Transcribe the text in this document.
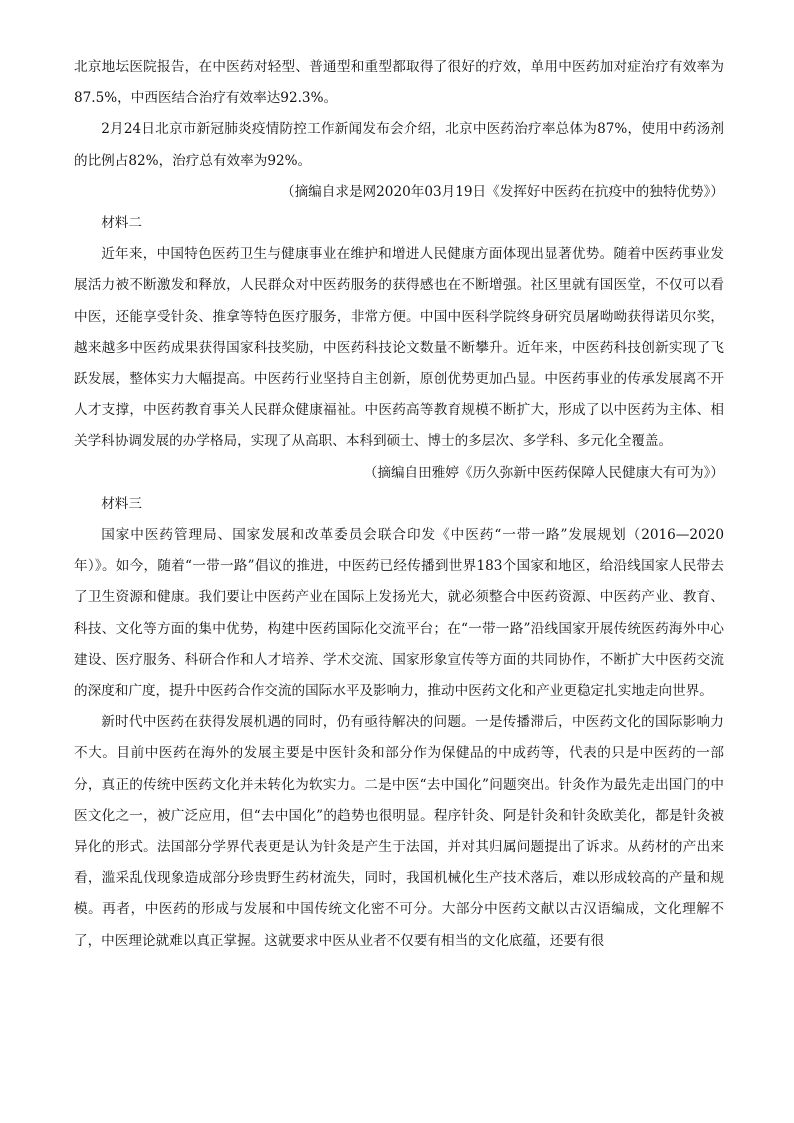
北京地坛医院报告，在中医药对轻型、普通型和重型都取得了很好的疗效，单用中医药加对症治疗有效率为87.5%，中西医结合治疗有效率达92.3%。

2月24日北京市新冠肺炎疫情防控工作新闻发布会介绍，北京中医药治疗率总体为87%，使用中药汤剂的比例占82%，治疗总有效率为92%。

（摘编自求是网2020年03月19日《发挥好中医药在抗疫中的独特优势》）

材料二

近年来，中国特色医药卫生与健康事业在维护和增进人民健康方面体现出显著优势。随着中医药事业发展活力被不断激发和释放，人民群众对中医药服务的获得感也在不断增强。社区里就有国医堂，不仅可以看中医，还能享受针灸、推拿等特色医疗服务，非常方便。中国中医科学院终身研究员屠呦呦获得诺贝尔奖，越来越多中医药成果获得国家科技奖励，中医药科技论文数量不断攀升。近年来，中医药科技创新实现了飞跃发展，整体实力大幅提高。中医药行业坚持自主创新，原创优势更加凸显。中医药事业的传承发展离不开人才支撑，中医药教育事关人民群众健康福祉。中医药高等教育规模不断扩大，形成了以中医药为主体、相关学科协调发展的办学格局，实现了从高职、本科到硕士、博士的多层次、多学科、多元化全覆盖。

（摘编自田雅婷《历久弥新中医药保障人民健康大有可为》）

材料三

国家中医药管理局、国家发展和改革委员会联合印发《中医药“一带一路”发展规划（2016—2020年）》。如今，随着“一带一路”倡议的推进，中医药已经传播到世界183个国家和地区，给沿线国家人民带去了卫生资源和健康。我们要让中医药产业在国际上发扬光大，就必须整合中医药资源、中医药产业、教育、科技、文化等方面的集中优势，构建中医药国际化交流平台；在“一带一路”沿线国家开展传统医药海外中心建设、医疗服务、科研合作和人才培养、学术交流、国家形象宣传等方面的共同协作，不断扩大中医药交流的深度和广度，提升中医药合作交流的国际水平及影响力，推动中医药文化和产业更稳定扎实地走向世界。

新时代中医药在获得发展机遇的同时，仍有亟待解决的问题。一是传播滞后，中医药文化的国际影响力不大。目前中医药在海外的发展主要是中医针灸和部分作为保健品的中成药等，代表的只是中医药的一部分，真正的传统中医药文化并未转化为软实力。二是中医“去中国化”问题突出。针灸作为最先走出国门的中医文化之一，被广泛应用，但“去中国化”的趋势也很明显。程序针灸、阿是针灸和针灸欧美化，都是针灸被异化的形式。法国部分学界代表更是认为针灸是产生于法国，并对其归属问题提出了诉求。从药材的产出来看，滥采乱伐现象造成部分珍贵野生药材流失，同时，我国机械化生产技术落后，难以形成较高的产量和规模。再者，中医药的形成与发展和中国传统文化密不可分。大部分中医药文献以古汉语编成，文化理解不了，中医理论就难以真正掌握。这就要求中医从业者不仅要有相当的文化底蕴，还要有很
